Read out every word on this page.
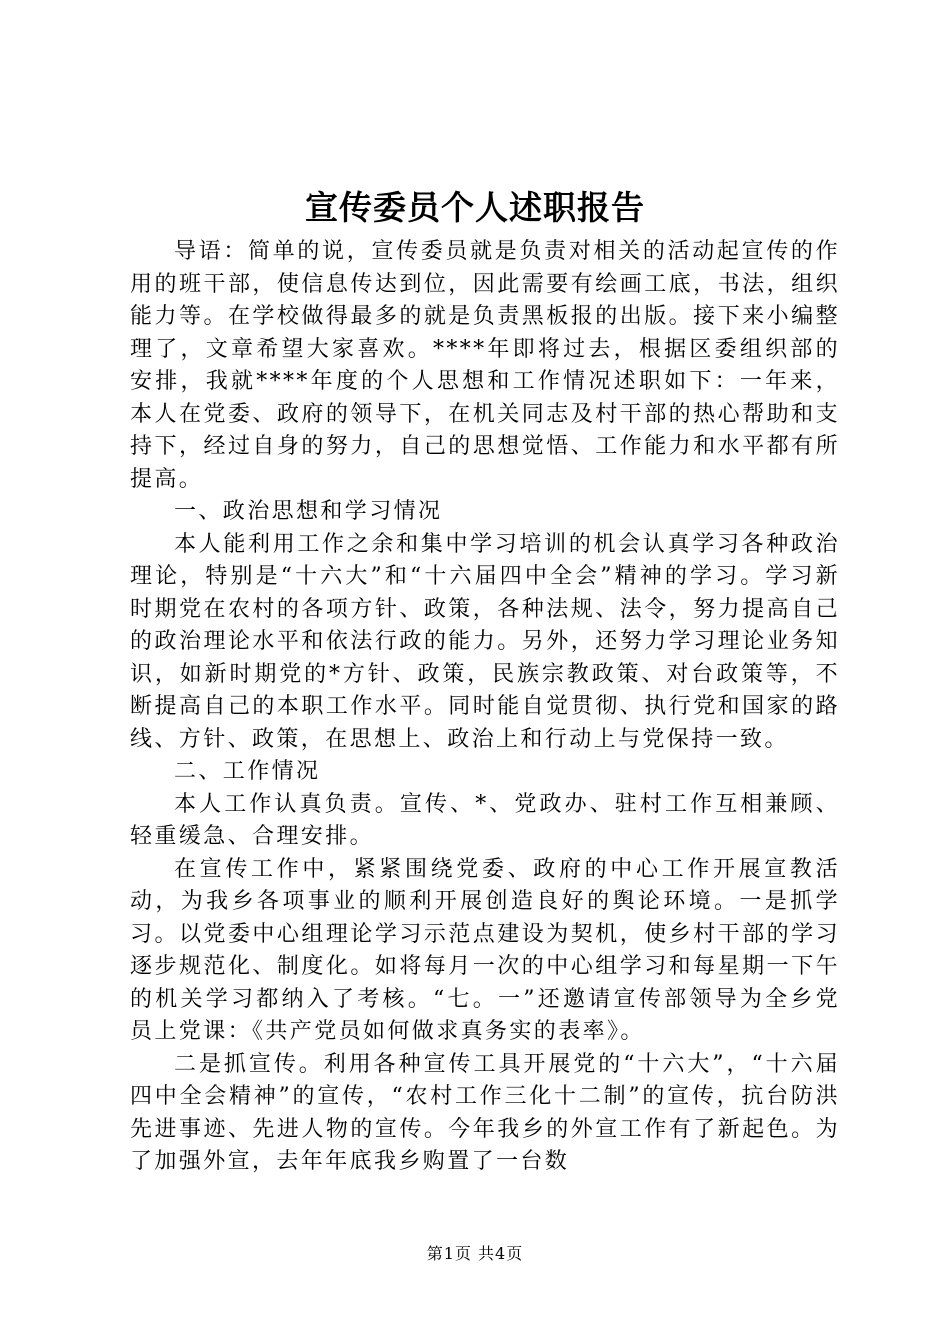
宣传委员个人述职报告

导语：简单的说，宣传委员就是负责对相关的活动起宣传的作用的班干部，使信息传达到位，因此需要有绘画工底，书法，组织能力等。在学校做得最多的就是负责黑板报的出版。接下来小编整理了，文章希望大家喜欢。****年即将过去，根据区委组织部的安排，我就****年度的个人思想和工作情况述职如下：一年来，本人在党委、政府的领导下，在机关同志及村干部的热心帮助和支持下，经过自身的努力，自己的思想觉悟、工作能力和水平都有所提高。

一、政治思想和学习情况

本人能利用工作之余和集中学习培训的机会认真学习各种政治理论，特别是“十六大”和“十六届四中全会”精神的学习。学习新时期党在农村的各项方针、政策，各种法规、法令，努力提高自己的政治理论水平和依法行政的能力。另外，还努力学习理论业务知识，如新时期党的*方针、政策，民族宗教政策、对台政策等，不断提高自己的本职工作水平。同时能自觉贯彻、执行党和国家的路线、方针、政策，在思想上、政治上和行动上与党保持一致。

二、工作情况

本人工作认真负责。宣传、*、党政办、驻村工作互相兼顾、轻重缓急、合理安排。

在宣传工作中，紧紧围绕党委、政府的中心工作开展宣教活动，为我乡各项事业的顺利开展创造良好的舆论环境。一是抓学习。以党委中心组理论学习示范点建设为契机，使乡村干部的学习逐步规范化、制度化。如将每月一次的中心组学习和每星期一下午的机关学习都纳入了考核。“七。一”还邀请宣传部领导为全乡党员上党课：《共产党员如何做求真务实的表率》。

二是抓宣传。利用各种宣传工具开展党的“十六大”，“十六届四中全会精神”的宣传，“农村工作三化十二制”的宣传，抗台防洪先进事迹、先进人物的宣传。今年我乡的外宣工作有了新起色。为了加强外宣，去年年底我乡购置了一台数

第1页 共4页
